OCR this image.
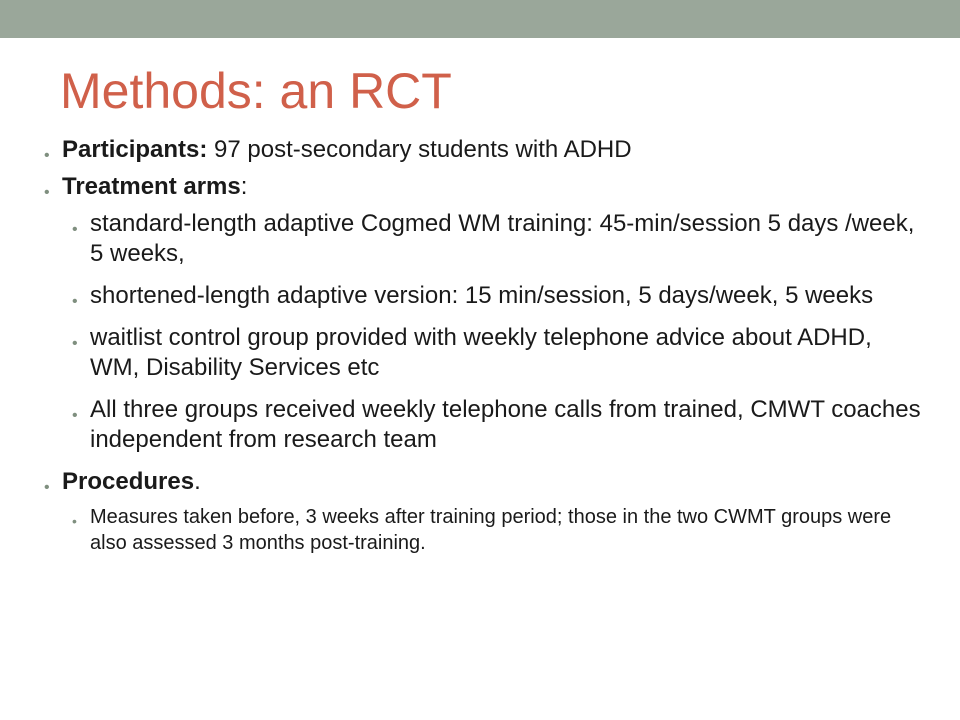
Methods: an RCT
• Participants: 97 post-secondary students with ADHD
• Treatment arms:
• standard-length adaptive Cogmed WM training: 45-min/session 5 days /week, 5 weeks,
• shortened-length adaptive version: 15 min/session, 5 days/week, 5 weeks
• waitlist control group provided with weekly telephone advice about ADHD, WM, Disability Services etc
• All three groups received weekly telephone calls from trained, CMWT coaches independent from research team
• Procedures.
• Measures taken before, 3 weeks after training period; those in the two CWMT groups were also assessed 3 months post-training.
